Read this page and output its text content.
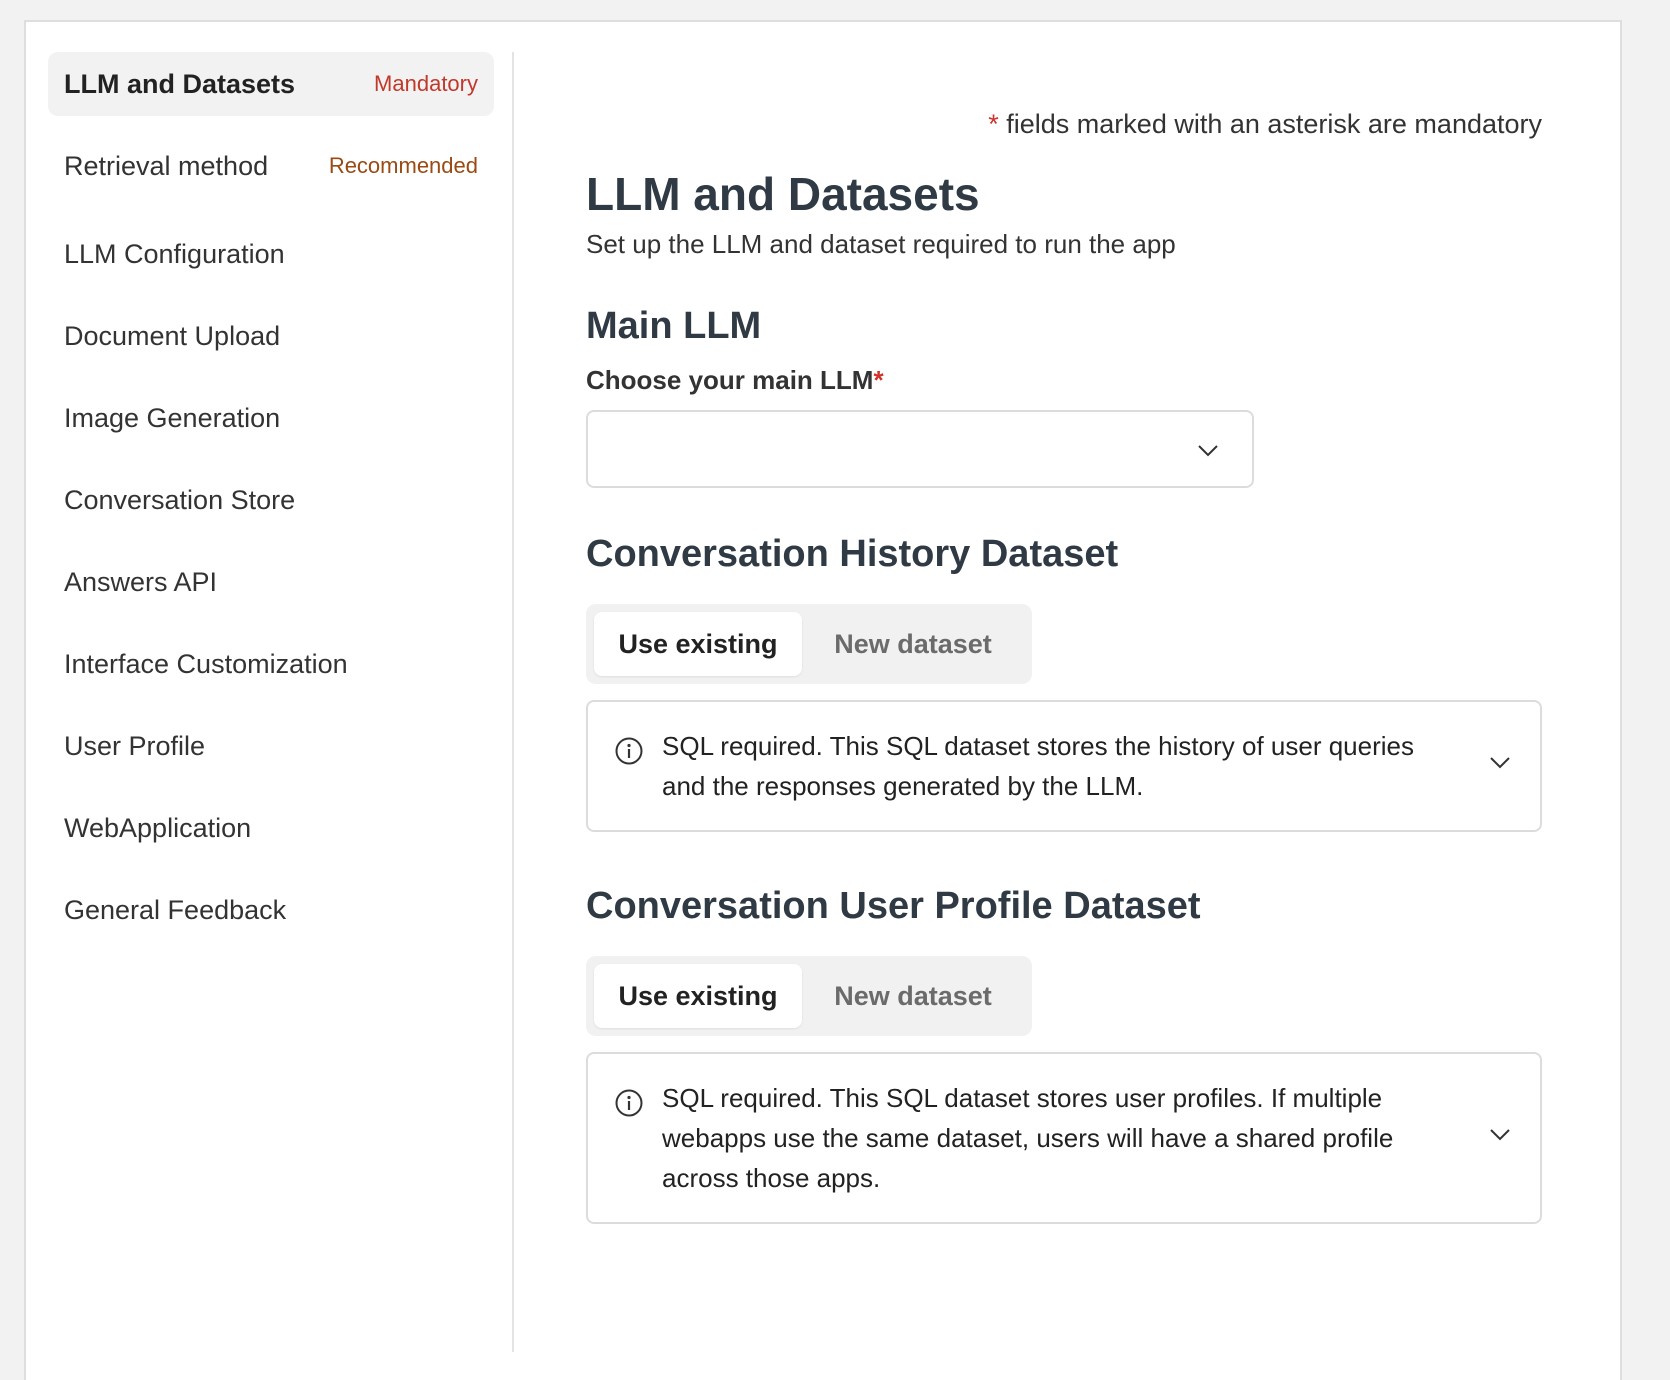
LLM and Datasets	Mandatory
Retrieval method	Recommended
LLM Configuration
Document Upload
Image Generation
Conversation Store
Answers API
Interface Customization
User Profile
WebApplication
General Feedback
* fields marked with an asterisk are mandatory
LLM and Datasets
Set up the LLM and dataset required to run the app
Main LLM
Choose your main LLM*
Conversation History Dataset
Use existing	New dataset
SQL required. This SQL dataset stores the history of user queries and the responses generated by the LLM.
Conversation User Profile Dataset
Use existing	New dataset
SQL required. This SQL dataset stores user profiles. If multiple webapps use the same dataset, users will have a shared profile across those apps.
